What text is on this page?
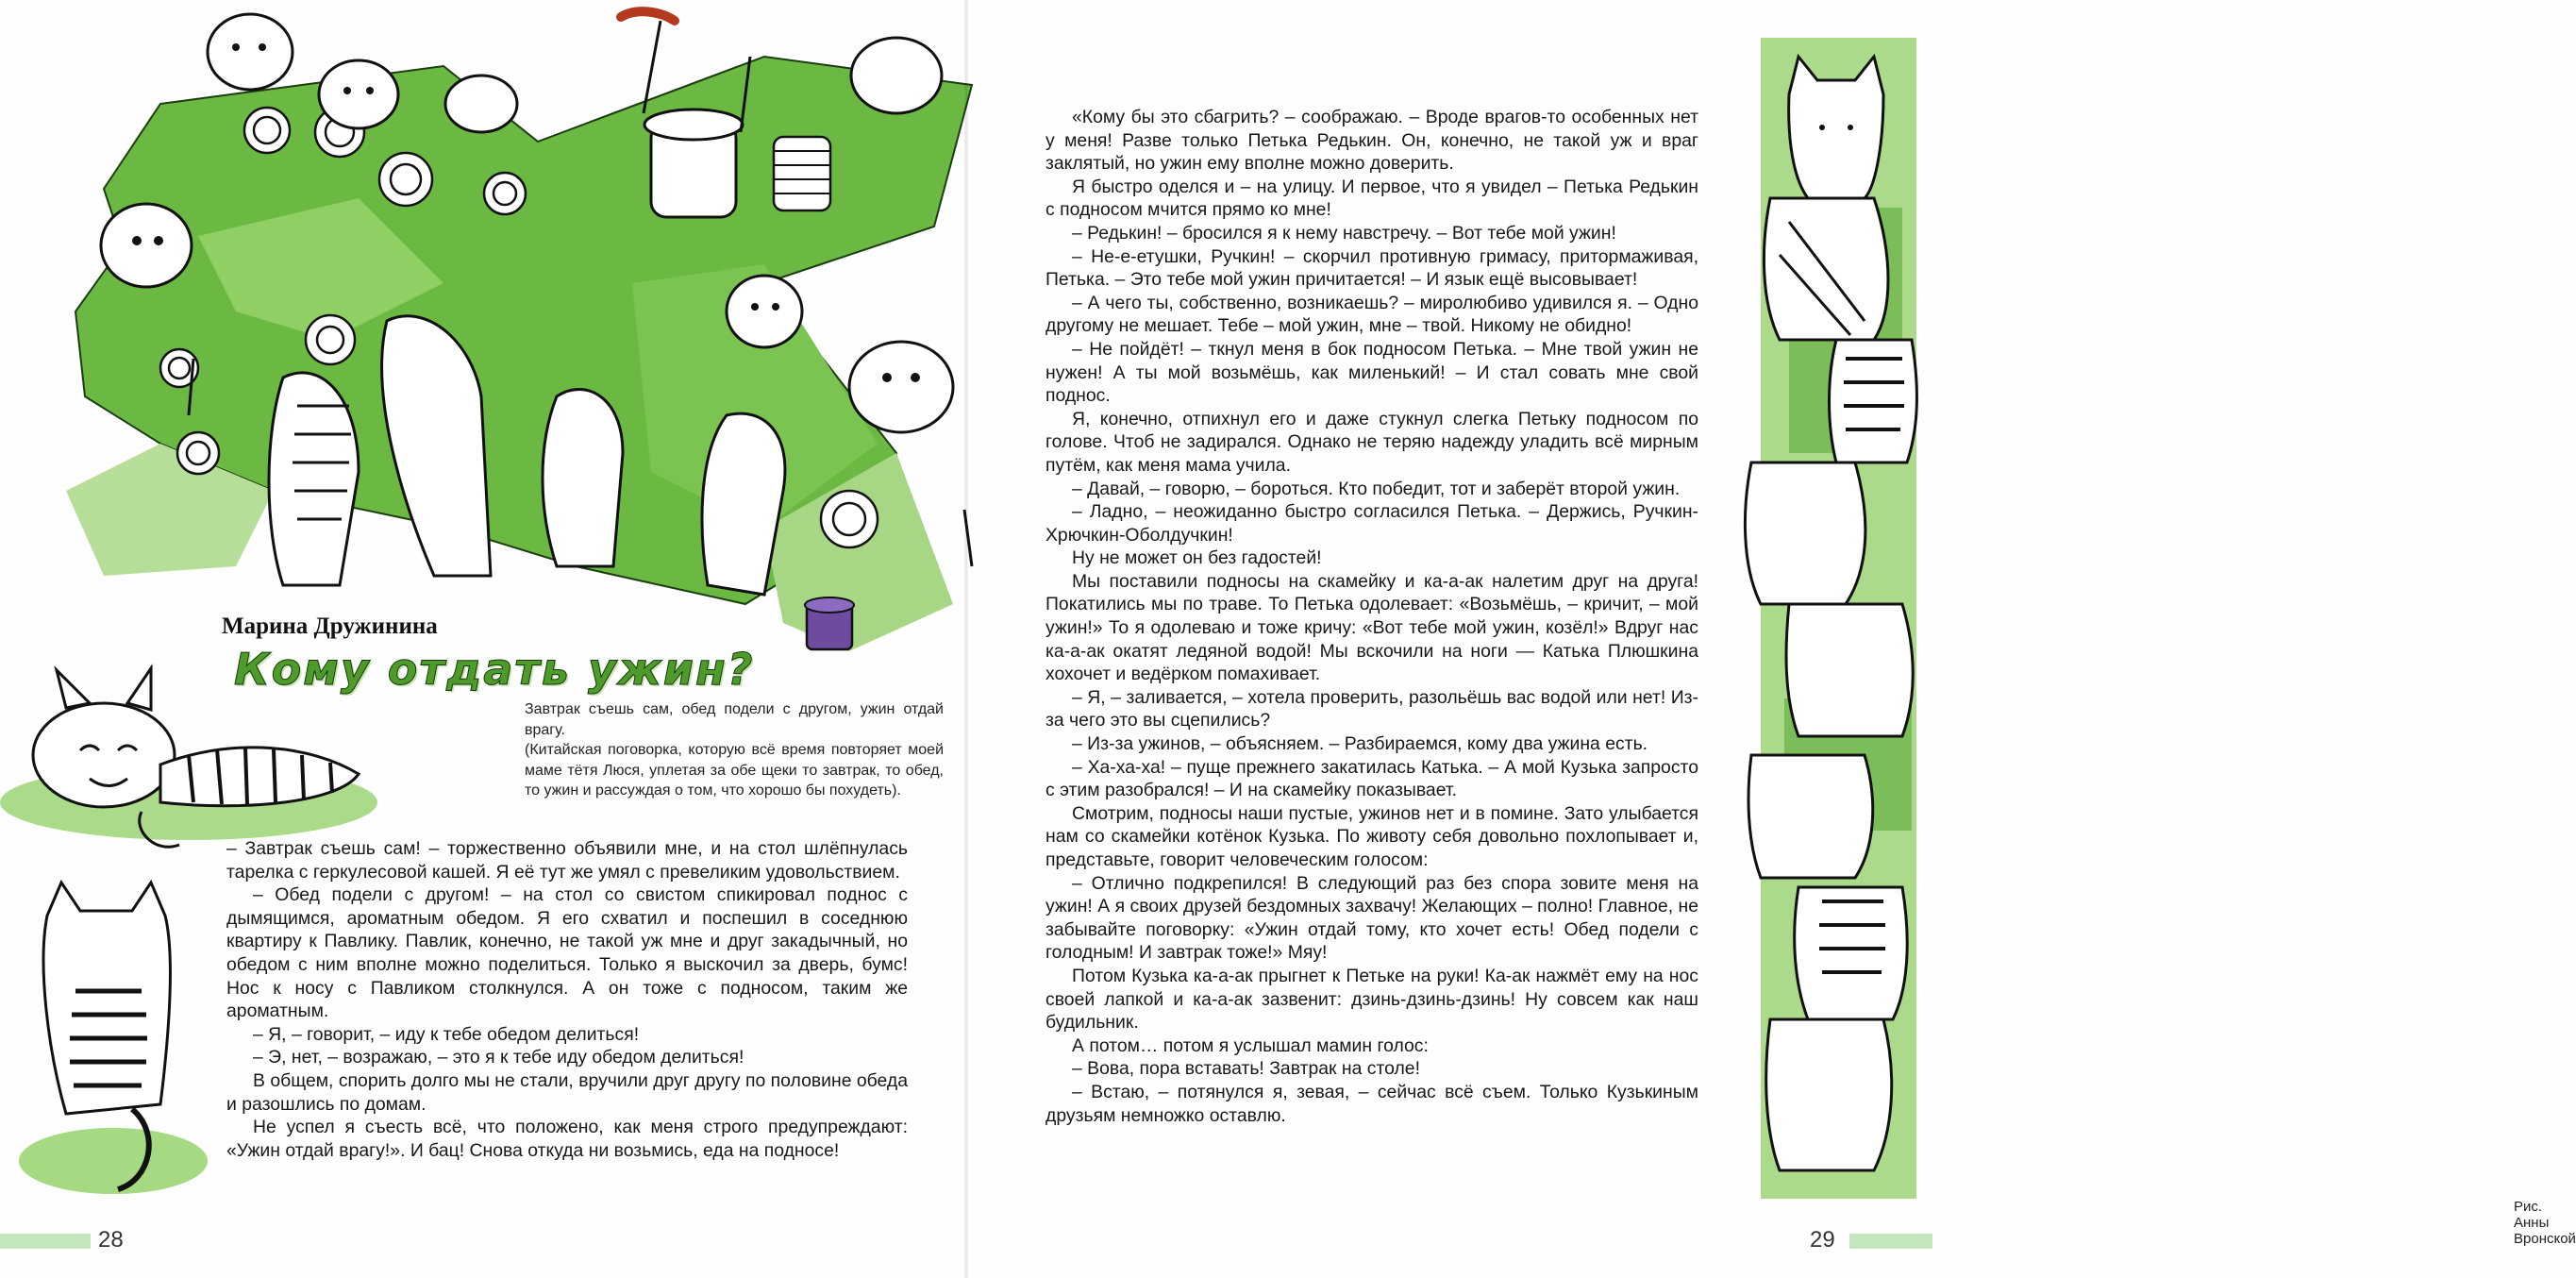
Марина Дружинина
Кому отдать ужин?

Завтрак съешь сам, обед подели с другом, ужин отдай врагу.

(Китайская поговорка, которую всё время повторяет моей маме тётя Люся, уплетая за обе щеки то завтрак, то обед, то ужин и рассуждая о том, что хорошо бы похудеть).

– Завтрак съешь сам! – торжественно объявили мне, и на стол шлёпнулась тарелка с геркулесовой кашей. Я её тут же умял с превеликим удовольствием.

– Обед подели с другом! – на стол со свистом спикировал поднос с дымящимся, ароматным обедом. Я его схватил и поспешил в соседнюю квартиру к Павлику. Павлик, конечно, не такой уж мне и друг закадычный, но обедом с ним вполне можно поделиться. Только я выскочил за дверь, бумс! Нос к носу с Павликом столкнулся. А он тоже с подносом, таким же ароматным.

– Я, – говорит, – иду к тебе обедом делиться!

– Э, нет, – возражаю, – это я к тебе иду обедом делиться!

В общем, спорить долго мы не стали, вручили друг другу по половине обеда и разошлись по домам.

Не успел я съесть всё, что положено, как меня строго предупреждают: «Ужин отдай врагу!». И бац! Снова откуда ни возьмись, еда на подносе!

28

«Кому бы это сбагрить? – соображаю. – Вроде врагов-то особенных нет у меня! Разве только Петька Редькин. Он, конечно, не такой уж и враг заклятый, но ужин ему вполне можно доверить.

Я быстро оделся и – на улицу. И первое, что я увидел – Петька Редькин с подносом мчится прямо ко мне!

– Редькин! – бросился я к нему навстречу. – Вот тебе мой ужин!

– Не-е-етушки, Ручкин! – скорчил противную гримасу, притормаживая, Петька. – Это тебе мой ужин причитается! – И язык ещё высовывает!

– А чего ты, собственно, возникаешь? – миролюбиво удивился я. – Одно другому не мешает. Тебе – мой ужин, мне – твой. Никому не обидно!

– Не пойдёт! – ткнул меня в бок подносом Петька. – Мне твой ужин не нужен! А ты мой возьмёшь, как миленький! – И стал совать мне свой поднос.

Я, конечно, отпихнул его и даже стукнул слегка Петьку подносом по голове. Чтоб не задирался. Однако не теряю надежду уладить всё мирным путём, как меня мама учила.

– Давай, – говорю, – бороться. Кто победит, тот и заберёт второй ужин.

– Ладно, – неожиданно быстро согласился Петька. – Держись, Ручкин-Хрючкин-Оболдучкин!

Ну не может он без гадостей!

Мы поставили подносы на скамейку и ка-а-ак налетим друг на друга! Покатились мы по траве. То Петька одолевает: «Возьмёшь, – кричит, – мой ужин!» То я одолеваю и тоже кричу: «Вот тебе мой ужин, козёл!» Вдруг нас ка-а-ак окатят ледяной водой! Мы вскочили на ноги — Катька Плюшкина хохочет и ведёрком помахивает.

– Я, – заливается, – хотела проверить, разольёшь вас водой или нет! Из-за чего это вы сцепились?

– Из-за ужинов, – объясняем. – Разбираемся, кому два ужина есть.

– Ха-ха-ха! – пуще прежнего закатилась Катька. – А мой Кузька запросто с этим разобрался! – И на скамейку показывает.

Смотрим, подносы наши пустые, ужинов нет и в помине. Зато улыбается нам со скамейки котёнок Кузька. По животу себя довольно похлопывает и, представьте, говорит человеческим голосом:

– Отлично подкрепился! В следующий раз без спора зовите меня на ужин! А я своих друзей бездомных захвачу! Желающих – полно! Главное, не забывайте поговорку: «Ужин отдай тому, кто хочет есть! Обед подели с голодным! И завтрак тоже!» Мяу!

Потом Кузька ка-а-ак прыгнет к Петьке на руки! Ка-ак нажмёт ему на нос своей лапкой и ка-а-ак зазвенит: дзинь-дзинь-дзинь! Ну совсем как наш будильник.

А потом… потом я услышал мамин голос:

– Вова, пора вставать! Завтрак на столе!

– Встаю, – потянулся я, зевая, – сейчас всё съем. Только Кузькиным друзьям немножко оставлю.

Рис. Анны Вронской
29
